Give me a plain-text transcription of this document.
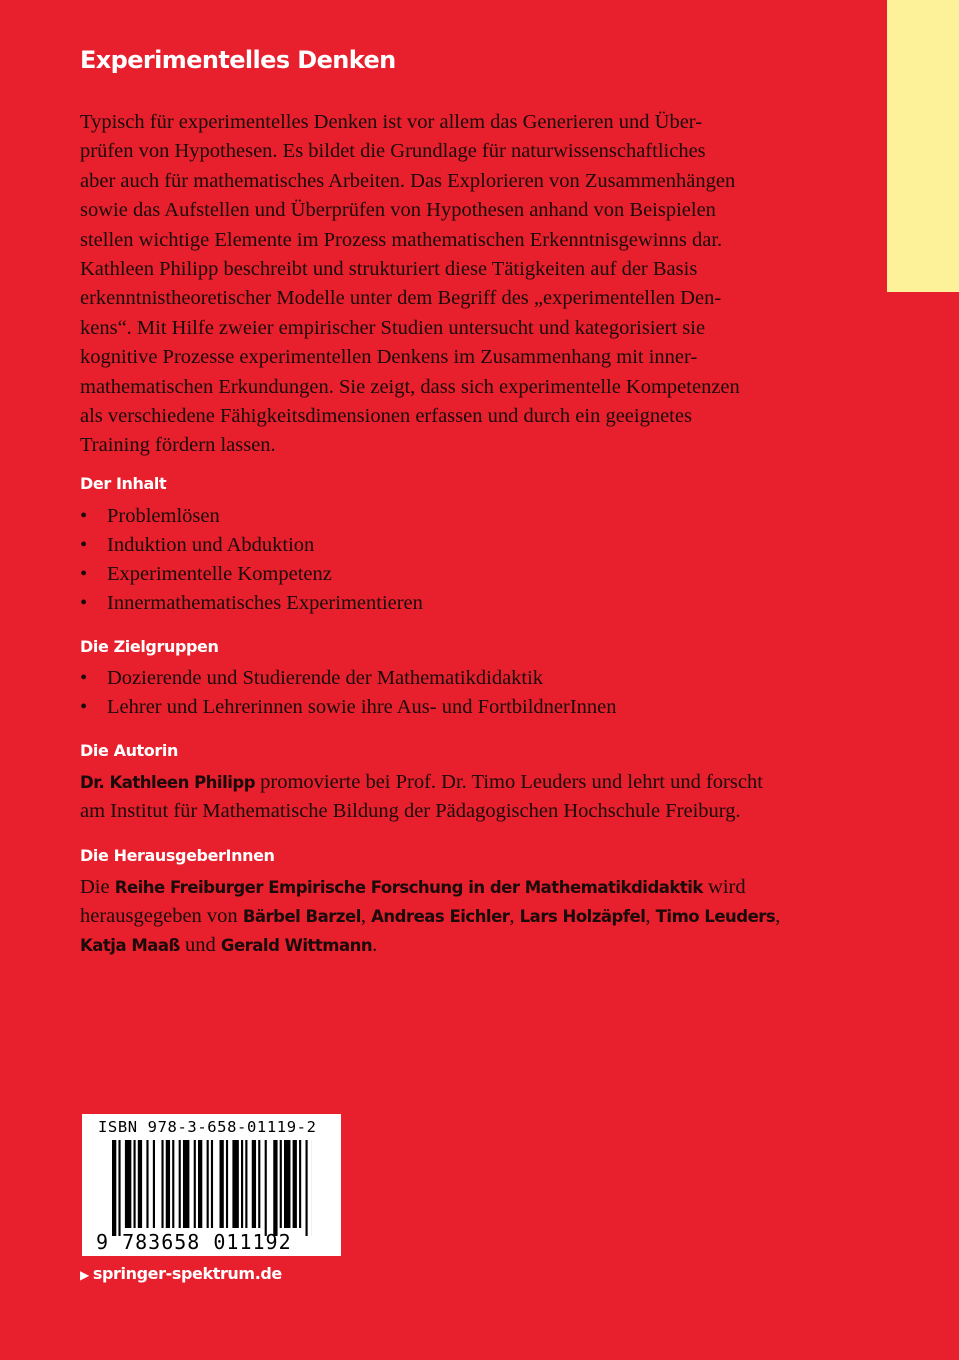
Experimentelles Denken

Typisch für experimentelles Denken ist vor allem das Generieren und Über-
prüfen von Hypothesen. Es bildet die Grundlage für naturwissenschaftliches
aber auch für mathematisches Arbeiten. Das Explorieren von Zusammenhängen
sowie das Aufstellen und Überprüfen von Hypothesen anhand von Beispielen
stellen wichtige Elemente im Prozess mathematischen Erkenntnisgewinns dar.
Kathleen Philipp beschreibt und strukturiert diese Tätigkeiten auf der Basis
erkenntnistheoretischer Modelle unter dem Begriff des „experimentellen Den-
kens“. Mit Hilfe zweier empirischer Studien untersucht und kategorisiert sie
kognitive Prozesse experimentellen Denkens im Zusammenhang mit inner-
mathematischen Erkundungen. Sie zeigt, dass sich experimentelle Kompetenzen
als verschiedene Fähigkeitsdimensionen erfassen und durch ein geeignetes
Training fördern lassen.

Der Inhalt
• Problemlösen
• Induktion und Abduktion
• Experimentelle Kompetenz
• Innermathematisches Experimentieren
Die Zielgruppen
• Dozierende und Studierende der Mathematikdidaktik
• Lehrer und Lehrerinnen sowie ihre Aus- und FortbildnerInnen
Die Autorin

Dr. Kathleen Philipp promovierte bei Prof. Dr. Timo Leuders und lehrt und forscht
am Institut für Mathematische Bildung der Pädagogischen Hochschule Freiburg.

Die HerausgeberInnen

Die Reihe Freiburger Empirische Forschung in der Mathematikdidaktik wird
herausgegeben von Bärbel Barzel, Andreas Eichler, Lars Holzäpfel, Timo Leuders,
Katja Maaß und Gerald Wittmann.

ISBN 978-3-658-01119-2
9 783658 011192
▶ springer-spektrum.de
